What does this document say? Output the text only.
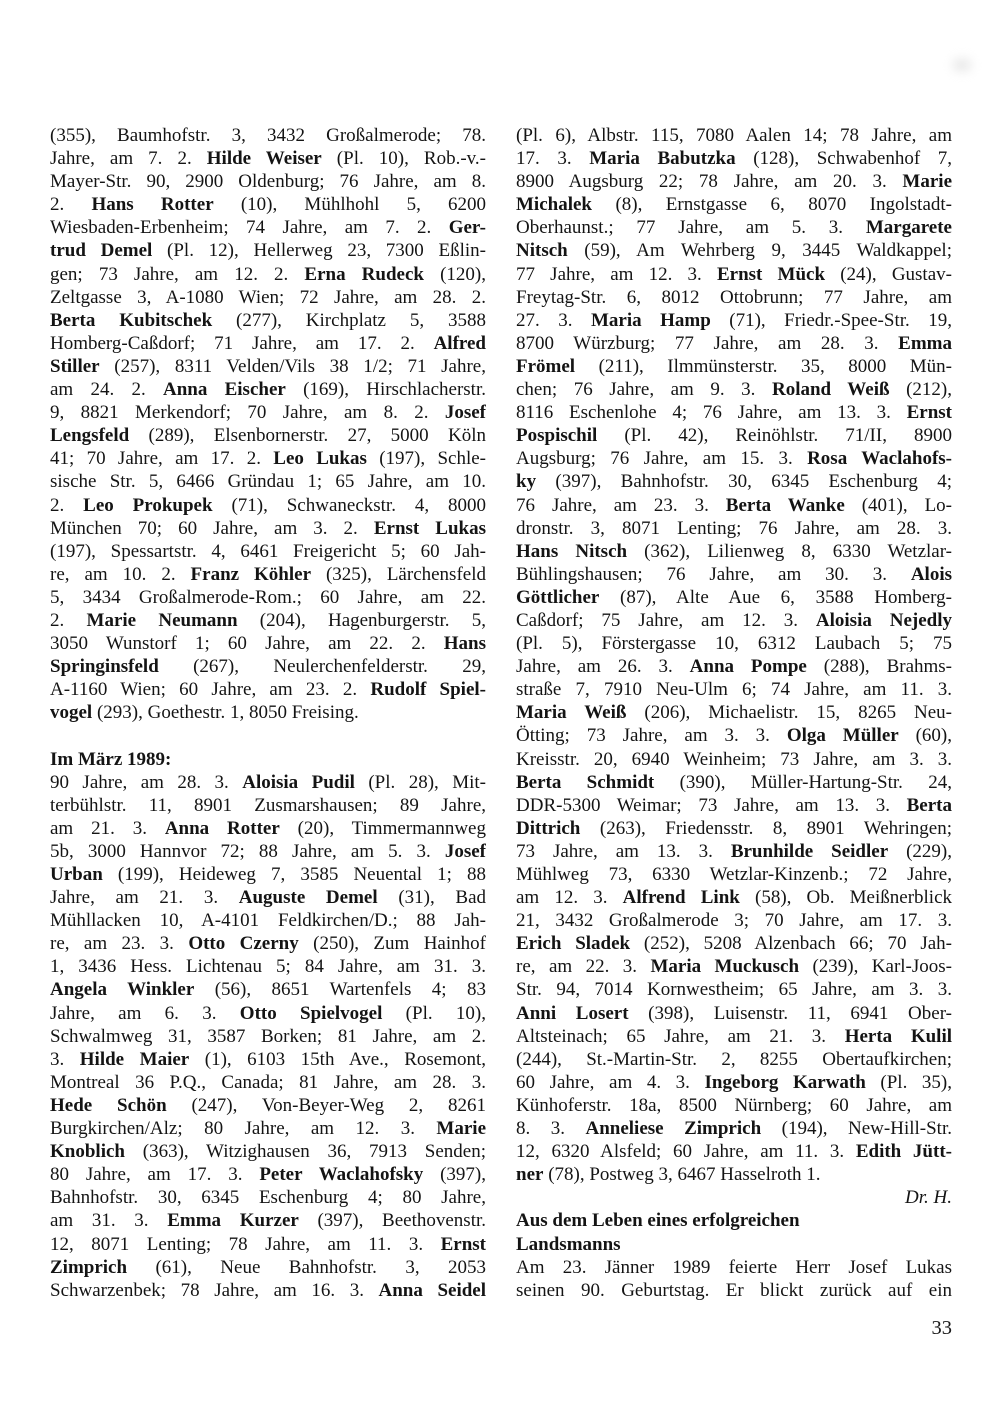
(355), Baumhofstr. 3, 3432 Großalmerode; 78.
Jahre, am 7. 2. Hilde Weiser (Pl. 10), Rob.-v.-
Mayer-Str. 90, 2900 Oldenburg; 76 Jahre, am 8.
2. Hans Rotter (10), Mühlhohl 5, 6200
Wiesbaden-Erbenheim; 74 Jahre, am 7. 2. Ger-
trud Demel (Pl. 12), Hellerweg 23, 7300 Eßlin-
gen; 73 Jahre, am 12. 2. Erna Rudeck (120),
Zeltgasse 3, A-1080 Wien; 72 Jahre, am 28. 2.
Berta Kubitschek (277), Kirchplatz 5, 3588
Homberg-Caßdorf; 71 Jahre, am 17. 2. Alfred
Stiller (257), 8311 Velden/Vils 38 1/2; 71 Jahre,
am 24. 2. Anna Eischer (169), Hirschlacherstr.
9, 8821 Merkendorf; 70 Jahre, am 8. 2. Josef
Lengsfeld (289), Elsenbornerstr. 27, 5000 Köln
41; 70 Jahre, am 17. 2. Leo Lukas (197), Schle-
sische Str. 5, 6466 Gründau 1; 65 Jahre, am 10.
2. Leo Prokupek (71), Schwaneckstr. 4, 8000
München 70; 60 Jahre, am 3. 2. Ernst Lukas
(197), Spessartstr. 4, 6461 Freigericht 5; 60 Jah-
re, am 10. 2. Franz Köhler (325), Lärchensfeld
5, 3434 Großalmerode-Rom.; 60 Jahre, am 22.
2. Marie Neumann (204), Hagenburgerstr. 5,
3050 Wunstorf 1; 60 Jahre, am 22. 2. Hans
Springinsfeld (267), Neulerchenfelderstr. 29,
A-1160 Wien; 60 Jahre, am 23. 2. Rudolf Spiel-
vogel (293), Goethestr. 1, 8050 Freising.
Im März 1989:
90 Jahre, am 28. 3. Aloisia Pudil (Pl. 28), Mit-
terbühlstr. 11, 8901 Zusmarshausen; 89 Jahre,
am 21. 3. Anna Rotter (20), Timmermannweg
5b, 3000 Hannvor 72; 88 Jahre, am 5. 3. Josef
Urban (199), Heideweg 7, 3585 Neuental 1; 88
Jahre, am 21. 3. Auguste Demel (31), Bad
Mühllacken 10, A-4101 Feldkirchen/D.; 88 Jah-
re, am 23. 3. Otto Czerny (250), Zum Hainhof
1, 3436 Hess. Lichtenau 5; 84 Jahre, am 31. 3.
Angela Winkler (56), 8651 Wartenfels 4; 83
Jahre, am 6. 3. Otto Spielvogel (Pl. 10),
Schwalmweg 31, 3587 Borken; 81 Jahre, am 2.
3. Hilde Maier (1), 6103 15th Ave., Rosemont,
Montreal 36 P.Q., Canada; 81 Jahre, am 28. 3.
Hede Schön (247), Von-Beyer-Weg 2, 8261
Burgkirchen/Alz; 80 Jahre, am 12. 3. Marie
Knoblich (363), Witzighausen 36, 7913 Senden;
80 Jahre, am 17. 3. Peter Waclahofsky (397),
Bahnhofstr. 30, 6345 Eschenburg 4; 80 Jahre,
am 31. 3. Emma Kurzer (397), Beethovenstr.
12, 8071 Lenting; 78 Jahre, am 11. 3. Ernst
Zimprich (61), Neue Bahnhofstr. 3, 2053
Schwarzenbek; 78 Jahre, am 16. 3. Anna Seidel
(Pl. 6), Albstr. 115, 7080 Aalen 14; 78 Jahre, am
17. 3. Maria Babutzka (128), Schwabenhof 7,
8900 Augsburg 22; 78 Jahre, am 20. 3. Marie
Michalek (8), Ernstgasse 6, 8070 Ingolstadt-
Oberhaunst.; 77 Jahre, am 5. 3. Margarete
Nitsch (59), Am Wehrberg 9, 3445 Waldkappel;
77 Jahre, am 12. 3. Ernst Mück (24), Gustav-
Freytag-Str. 6, 8012 Ottobrunn; 77 Jahre, am
27. 3. Maria Hamp (71), Friedr.-Spee-Str. 19,
8700 Würzburg; 77 Jahre, am 28. 3. Emma
Frömel (211), Ilmmünsterstr. 35, 8000 Mün-
chen; 76 Jahre, am 9. 3. Roland Weiß (212),
8116 Eschenlohe 4; 76 Jahre, am 13. 3. Ernst
Pospischil (Pl. 42), Reinöhlstr. 71/II, 8900
Augsburg; 76 Jahre, am 15. 3. Rosa Waclahofs-
ky (397), Bahnhofstr. 30, 6345 Eschenburg 4;
76 Jahre, am 23. 3. Berta Wanke (401), Lo-
dronstr. 3, 8071 Lenting; 76 Jahre, am 28. 3.
Hans Nitsch (362), Lilienweg 8, 6330 Wetzlar-
Bühlingshausen; 76 Jahre, am 30. 3. Alois
Göttlicher (87), Alte Aue 6, 3588 Homberg-
Caßdorf; 75 Jahre, am 12. 3. Aloisia Nejedly
(Pl. 5), Förstergasse 10, 6312 Laubach 5; 75
Jahre, am 26. 3. Anna Pompe (288), Brahms-
straße 7, 7910 Neu-Ulm 6; 74 Jahre, am 11. 3.
Maria Weiß (206), Michaelistr. 15, 8265 Neu-
Ötting; 73 Jahre, am 3. 3. Olga Müller (60),
Kreisstr. 20, 6940 Weinheim; 73 Jahre, am 3. 3.
Berta Schmidt (390), Müller-Hartung-Str. 24,
DDR-5300 Weimar; 73 Jahre, am 13. 3. Berta
Dittrich (263), Friedensstr. 8, 8901 Wehringen;
73 Jahre, am 13. 3. Brunhilde Seidler (229),
Mühlweg 73, 6330 Wetzlar-Kinzenb.; 72 Jahre,
am 12. 3. Alfrend Link (58), Ob. Meißnerblick
21, 3432 Großalmerode 3; 70 Jahre, am 17. 3.
Erich Sladek (252), 5208 Alzenbach 66; 70 Jah-
re, am 22. 3. Maria Muckusch (239), Karl-Joos-
Str. 94, 7014 Kornwestheim; 65 Jahre, am 3. 3.
Anni Losert (398), Luisenstr. 11, 6941 Ober-
Altsteinach; 65 Jahre, am 21. 3. Herta Kulil
(244), St.-Martin-Str. 2, 8255 Obertaufkirchen;
60 Jahre, am 4. 3. Ingeborg Karwath (Pl. 35),
Künhoferstr. 18a, 8500 Nürnberg; 60 Jahre, am
8. 3. Anneliese Zimprich (194), New-Hill-Str.
12, 6320 Alsfeld; 60 Jahre, am 11. 3. Edith Jütt-
ner (78), Postweg 3, 6467 Hasselroth 1.
Dr. H.
Aus dem Leben eines erfolgreichen
Landsmanns
Am 23. Jänner 1989 feierte Herr Josef Lukas
seinen 90. Geburtstag. Er blickt zurück auf ein
33
